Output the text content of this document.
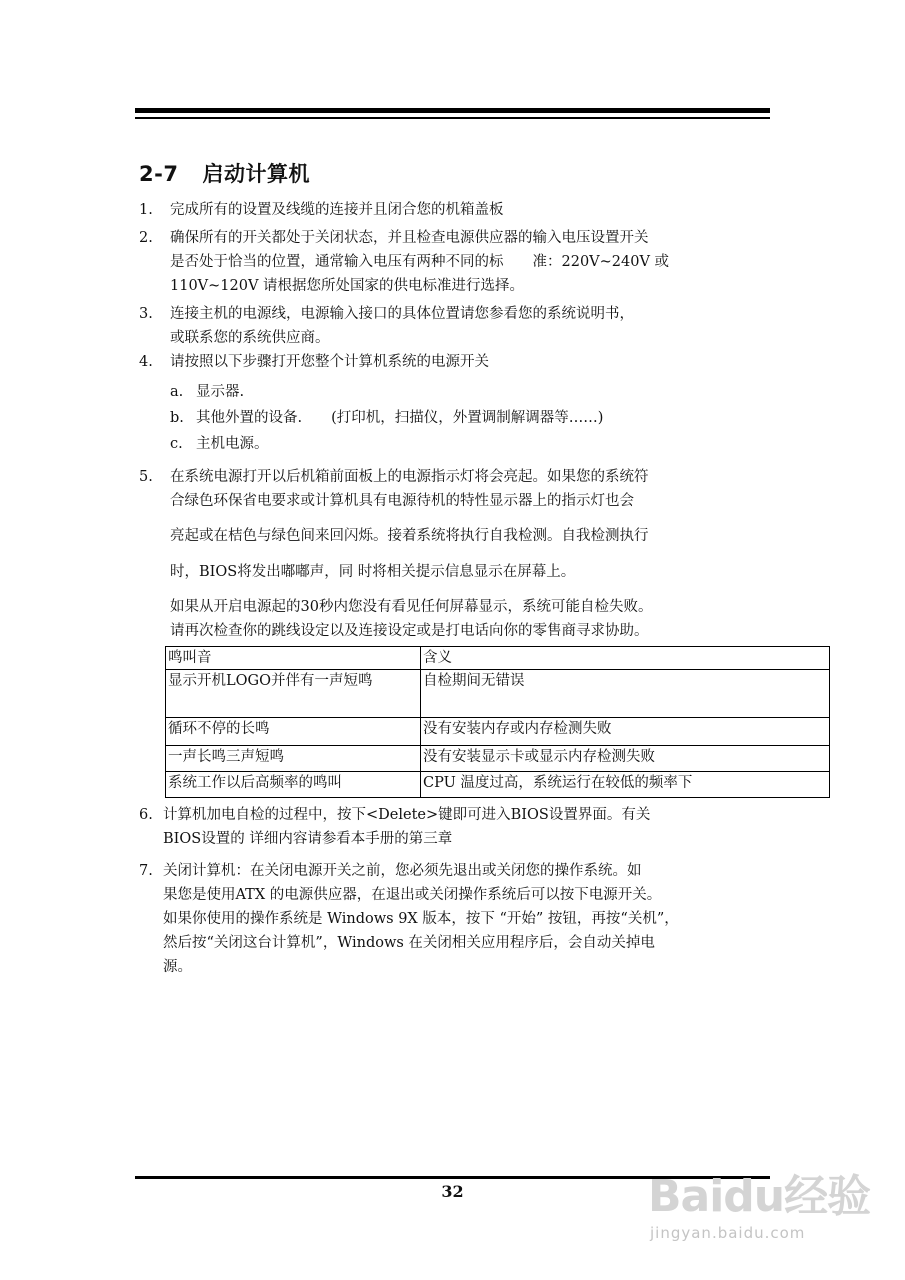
2-7 启动计算机
1.	完成所有的设置及线缆的连接并且闭合您的机箱盖板
2.	确保所有的开关都处于关闭状态，并且检查电源供应器的输入电压设置开关
是否处于恰当的位置，通常输入电压有两种不同的标　　准：220V~240V 或
110V~120V 请根据您所处国家的供电标准进行选择。
3.	连接主机的电源线，电源输入接口的具体位置请您参看您的系统说明书，
或联系您的系统供应商。
4.	请按照以下步骤打开您整个计算机系统的电源开关
a. 显示器.
b. 其他外置的设备.　　(打印机，扫描仪，外置调制解调器等……)
c. 主机电源。
5.	在系统电源打开以后机箱前面板上的电源指示灯将会亮起。如果您的系统符
合绿色环保省电要求或计算机具有电源待机的特性显示器上的指示灯也会
亮起或在桔色与绿色间来回闪烁。接着系统将执行自我检测。自我检测执行
时，BIOS将发出嘟嘟声，同 时将相关提示信息显示在屏幕上。
如果从开启电源起的30秒内您没有看见任何屏幕显示，系统可能自检失败。
请再次检查你的跳线设定以及连接设定或是打电话向你的零售商寻求协助。
鸣叫音	含义
显示开机LOGO并伴有一声短鸣	自检期间无错误
循环不停的长鸣	没有安装内存或内存检测失败
一声长鸣三声短鸣	没有安装显示卡或显示内存检测失败
系统工作以后高频率的鸣叫	CPU 温度过高，系统运行在较低的频率下
6. 计算机加电自检的过程中，按下<Delete>键即可进入BIOS设置界面。有关
BIOS设置的 详细内容请参看本手册的第三章
7. 关闭计算机：在关闭电源开关之前，您必须先退出或关闭您的操作系统。如
果您是使用ATX 的电源供应器，在退出或关闭操作系统后可以按下电源开关。
如果你使用的操作系统是 Windows 9X 版本，按下 “开始” 按钮，再按“关机”，
然后按“关闭这台计算机”，Windows 在关闭相关应用程序后，会自动关掉电
源。
32	Baidu经验
jingyan.baidu.com
